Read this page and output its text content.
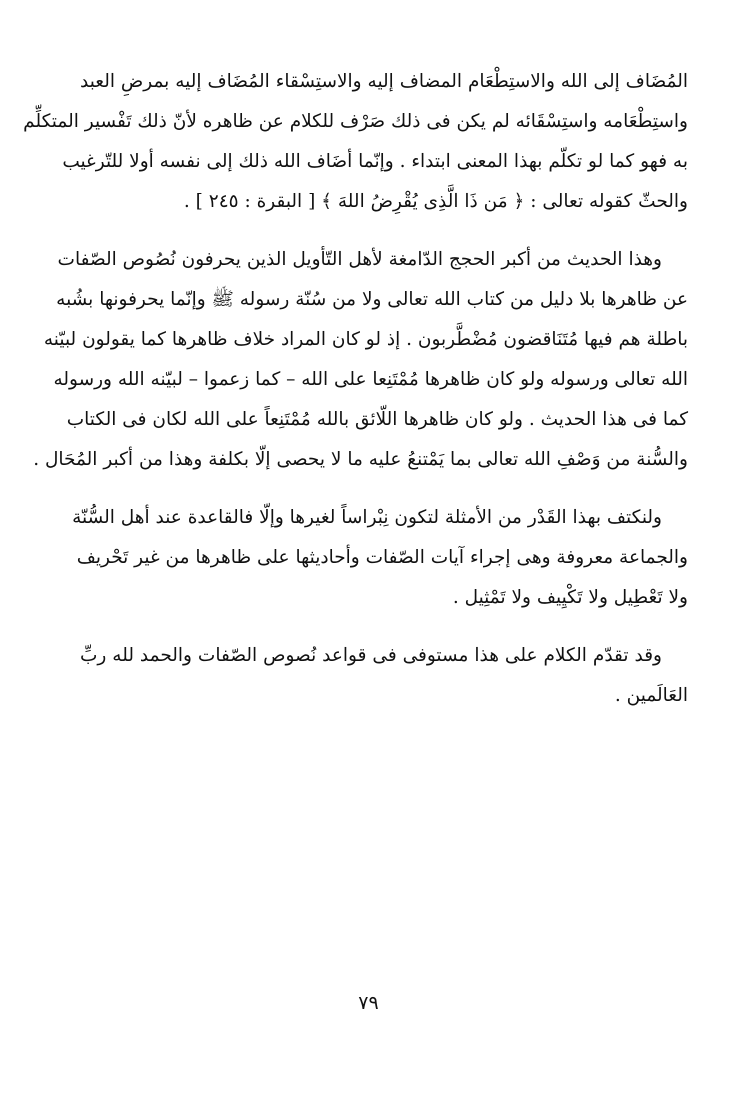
المُضَاف إلى الله والاستِطْعَام المضاف إليه والاستِسْقاء المُضَاف إليه بمرضِ العبد
واستِطْعَامه واستِسْقَائه لم يكن فى ذلك صَرْف للكلام عن ظاهره لأنّ ذلك تَفْسير المتكلِّم
به فهو كما لو تكلّم بهذا المعنى ابتداء . وإنّما أضَاف الله ذلك إلى نفسه أولا للتّرغيب
والحثّ كقوله تعالى : ﴿ مَن ذَا الَّذِى يُقْرِضُ اللهَ ﴾ [ البقرة : ٢٤٥ ] .

وهذا الحديث من أكبر الحجج الدّامغة لأهل التّأويل الذين يحرفون نُصُوص الصّفات
عن ظاهرها بلا دليل من كتاب الله تعالى ولا من سُنّة رسوله ﷺ وإنّما يحرفونها بشُبه
باطلة هم فيها مُتَنَاقضون مُضْطَّربون . إذ لو كان المراد خلاف ظاهرها كما يقولون لبيّنه
الله تعالى ورسوله ولو كان ظاهرها مُمْتَنِعا على الله – كما زعموا – لبيّنه الله ورسوله
كما فى هذا الحديث . ولو كان ظاهرها اللّائق بالله مُمْتَنِعاً على الله لكان فى الكتاب
والسُّنة من وَصْفِ الله تعالى بما يَمْتنعُ عليه ما لا يحصى إلّا بكلفة وهذا من أكبر المُحَال .

ولنكتف بهذا القَدْر من الأمثلة لتكون نِبْراساً لغيرها وإلّا فالقاعدة عند أهل السُّنّة
والجماعة معروفة وهى إجراء آيات الصّفات وأحاديثها على ظاهرها من غير تَحْريف
ولا تَعْطِيل ولا تَكْيِيف ولا تَمْثِيل .

وقد تقدّم الكلام على هذا مستوفى فى قواعد نُصوص الصّفات والحمد لله ربِّ
العَالَمين .

٧٩
